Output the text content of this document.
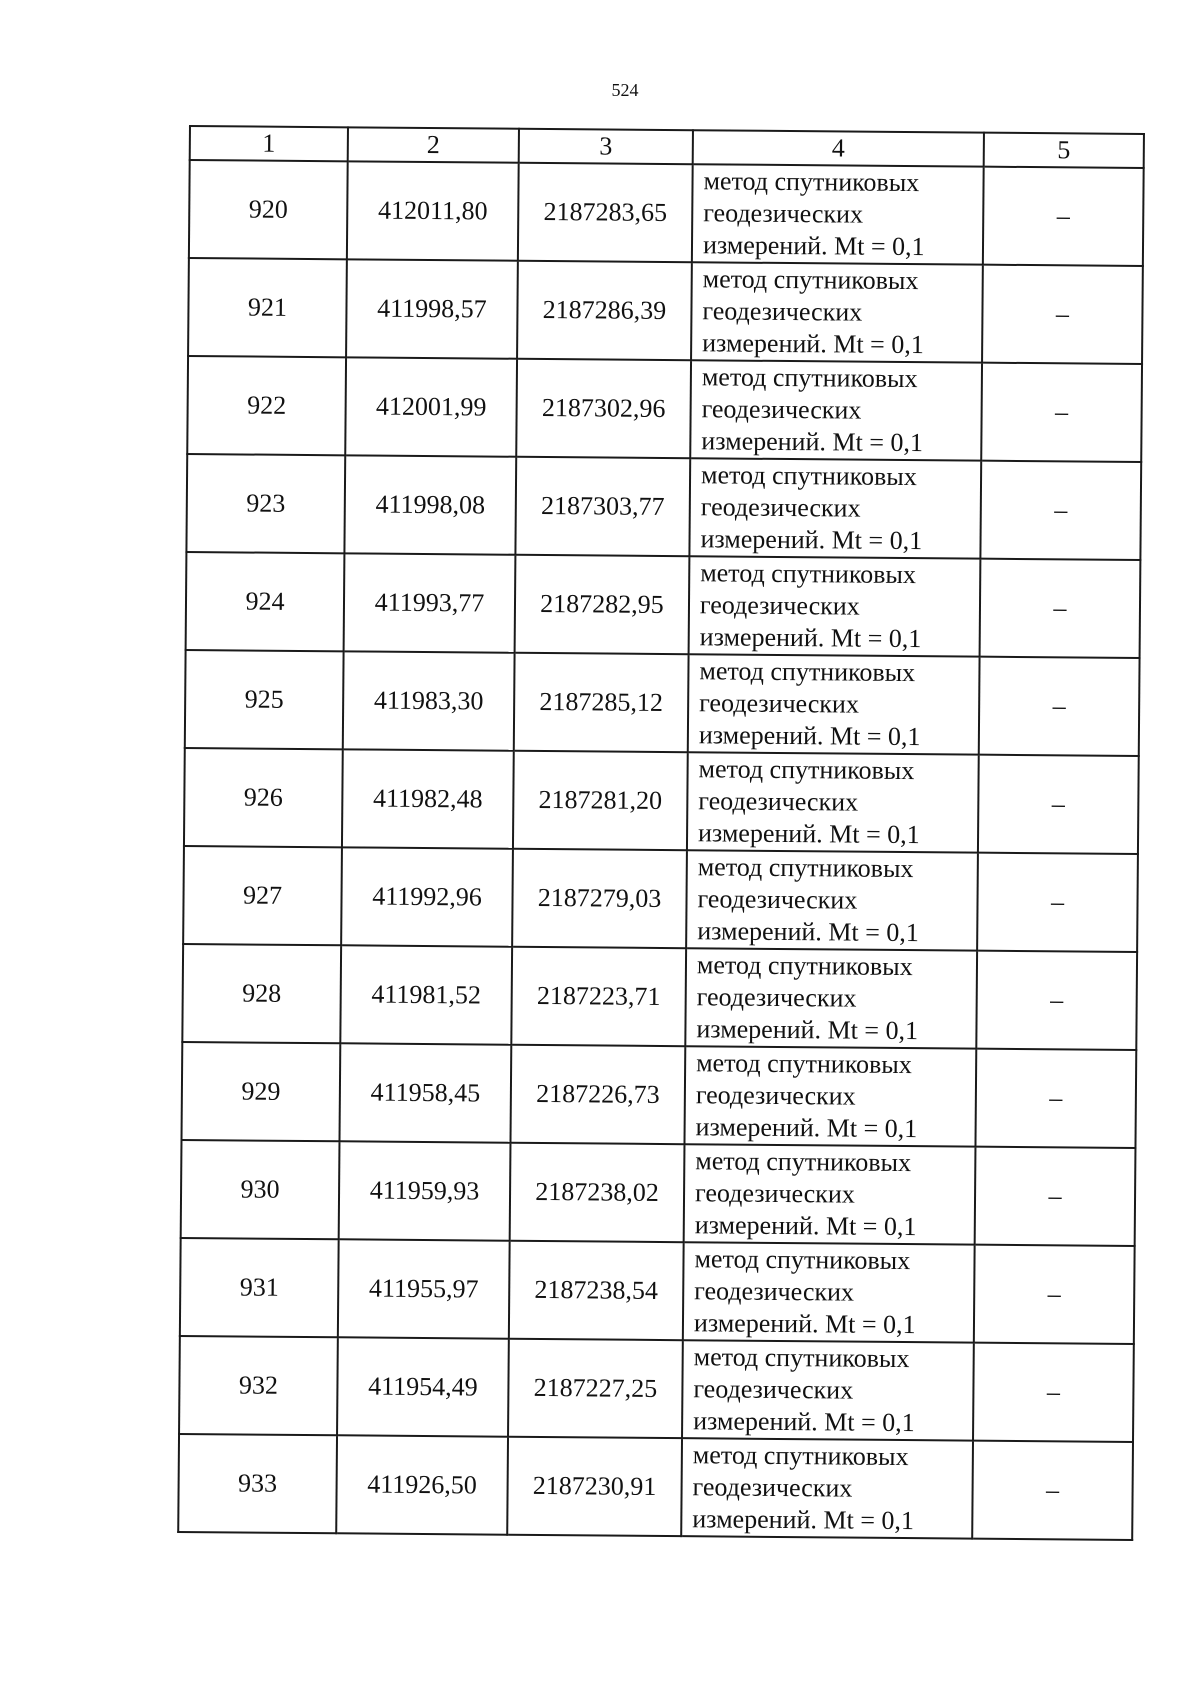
524
1	2	3	4	5
920	412011,80	2187283,65	метод спутниковых
геодезических
измерений. Mt = 0,1	–
921	411998,57	2187286,39	метод спутниковых
геодезических
измерений. Mt = 0,1	–
922	412001,99	2187302,96	метод спутниковых
геодезических
измерений. Mt = 0,1	–
923	411998,08	2187303,77	метод спутниковых
геодезических
измерений. Mt = 0,1	–
924	411993,77	2187282,95	метод спутниковых
геодезических
измерений. Mt = 0,1	–
925	411983,30	2187285,12	метод спутниковых
геодезических
измерений. Mt = 0,1	–
926	411982,48	2187281,20	метод спутниковых
геодезических
измерений. Mt = 0,1	–
927	411992,96	2187279,03	метод спутниковых
геодезических
измерений. Mt = 0,1	–
928	411981,52	2187223,71	метод спутниковых
геодезических
измерений. Mt = 0,1	–
929	411958,45	2187226,73	метод спутниковых
геодезических
измерений. Mt = 0,1	–
930	411959,93	2187238,02	метод спутниковых
геодезических
измерений. Mt = 0,1	–
931	411955,97	2187238,54	метод спутниковых
геодезических
измерений. Mt = 0,1	–
932	411954,49	2187227,25	метод спутниковых
геодезических
измерений. Mt = 0,1	–
933	411926,50	2187230,91	метод спутниковых
геодезических
измерений. Mt = 0,1	–
